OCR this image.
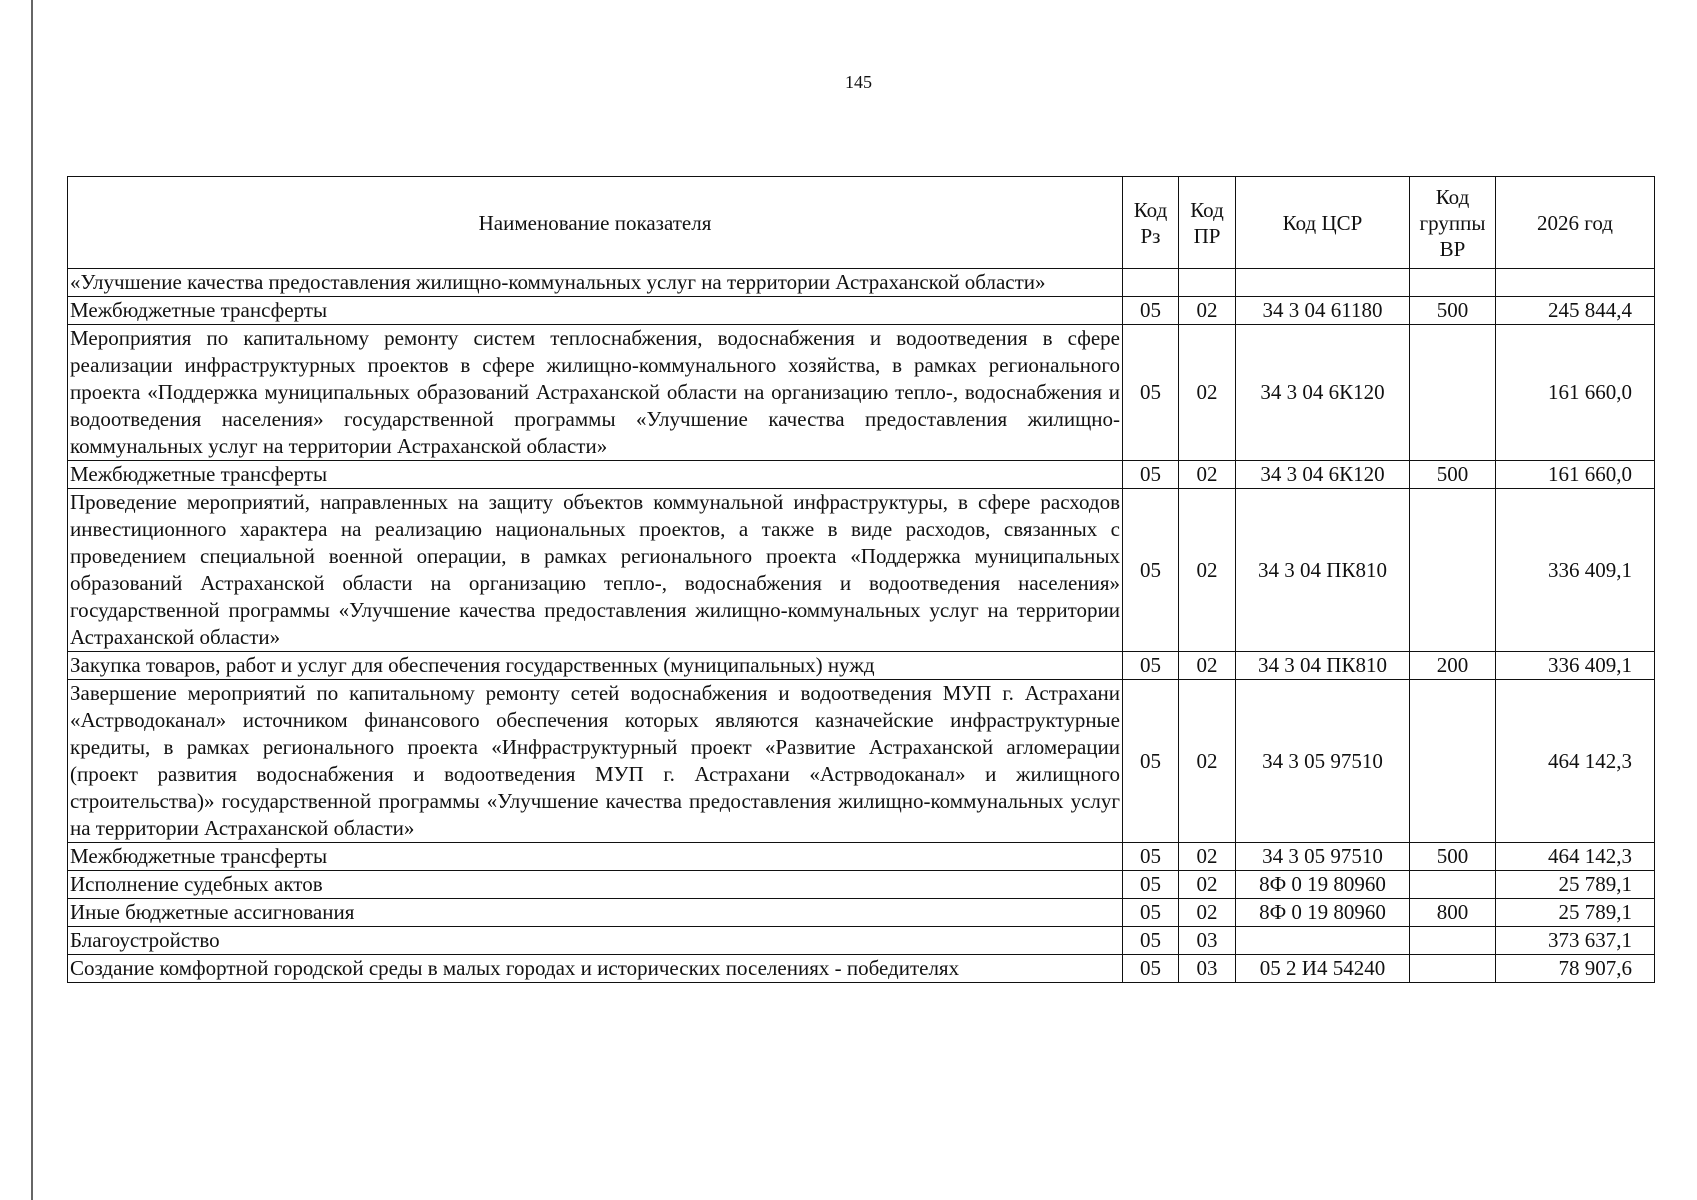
145
Наименование показателя	Код Рз	Код ПР	Код ЦСР	Код группы ВР	2026 год
«Улучшение качества предоставления жилищно-коммунальных услуг на территории Астраханской области»					
Межбюджетные трансферты	05	02	34 3 04 61180	500	245 844,4
Мероприятия по капитальному ремонту систем теплоснабжения, водоснабжения и водоотведения в сфере реализации инфраструктурных проектов в сфере жилищно-коммунального хозяйства, в рамках регионального проекта «Поддержка муниципальных образований Астраханской области на организацию тепло-, водоснабжения и водоотведения населения» государственной программы «Улучшение качества предоставления жилищно-коммунальных услуг на территории Астраханской области»	05	02	34 3 04 6К120		161 660,0
Межбюджетные трансферты	05	02	34 3 04 6К120	500	161 660,0
Проведение мероприятий, направленных на защиту объектов коммунальной инфраструктуры, в сфере расходов инвестиционного характера на реализацию национальных проектов, а также в виде расходов, связанных с проведением специальной военной операции, в рамках регионального проекта «Поддержка муниципальных образований Астраханской области на организацию тепло-, водоснабжения и водоотведения населения» государственной программы «Улучшение качества предоставления жилищно-коммунальных услуг на территории Астраханской области»	05	02	34 3 04 ПК810		336 409,1
Закупка товаров, работ и услуг для обеспечения государственных (муниципальных) нужд	05	02	34 3 04 ПК810	200	336 409,1
Завершение мероприятий по капитальному ремонту сетей водоснабжения и водоотведения МУП г. Астрахани «Астрводоканал» источником финансового обеспечения которых являются казначейские инфраструктурные кредиты, в рамках регионального проекта «Инфраструктурный проект «Развитие Астраханской агломерации (проект развития водоснабжения и водоотведения МУП г. Астрахани «Астрводоканал» и жилищного строительства)» государственной программы «Улучшение качества предоставления жилищно-коммунальных услуг на территории Астраханской области»	05	02	34 3 05 97510		464 142,3
Межбюджетные трансферты	05	02	34 3 05 97510	500	464 142,3
Исполнение судебных актов	05	02	8Ф 0 19 80960		25 789,1
Иные бюджетные ассигнования	05	02	8Ф 0 19 80960	800	25 789,1
Благоустройство	05	03			373 637,1
Создание комфортной городской среды в малых городах и исторических поселениях - победителях	05	03	05 2 И4 54240		78 907,6
